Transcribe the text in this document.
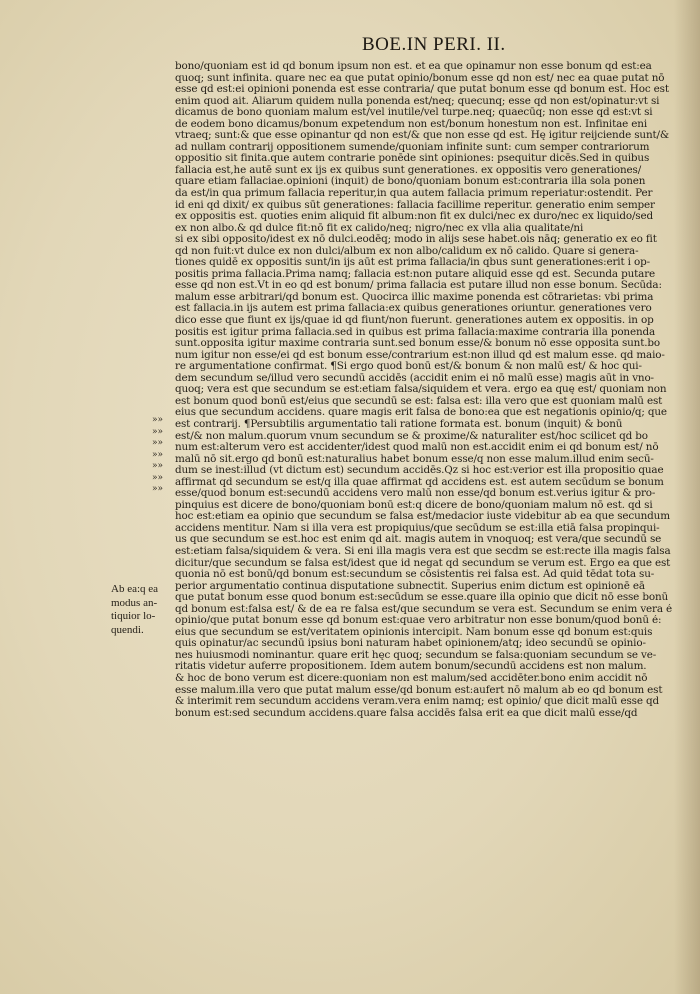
BOE.IN PERI. II.
»»
»»
»»
»»
»»
»»
»»
Ab ea:q ea
modus an-
tiquior lo-
quendi.
bono/quoniam est id qd bonum ipsum non est. et ea que opinamur non esse bonum qd est:ea
quoq; sunt infinita. quare nec ea que putat opinio/bonum esse qd non est/ nec ea quae putat nō
esse qd est:ei opinioni ponenda est esse contraria/ que putat bonum esse qd bonum est. Hoc est
enim quod ait. Aliarum quidem nulla ponenda est/neq; quecunq; esse qd non est/opinatur:vt si
dicamus de bono quoniam malum est/vel inutile/vel turpe.neq; quaecūq; non esse qd est:vt si
de eodem bono dicamus/bonum expetendum non est/bonum honestum non est. Infinitae eni
vtraeq; sunt:& que esse opinantur qd non est/& que non esse qd est. Hę igitur reijciende sunt/&
ad nullam contrarij oppositionem sumende/quoniam infinite sunt: cum semper contrariorum
oppositio sit finita.que autem contrarie ponēde sint opiniones: psequitur dicēs.Sed in quibus
fallacia est,he autē sunt ex ijs ex quibus sunt generationes. ex oppositis vero generationes/
quare etiam fallaciae.opinioni (inquit) de bono/quoniam bonum est:contraria illa sola ponen
da est/in qua primum fallacia reperitur,in qua autem fallacia primum reperiatur:ostendit. Per
id eni qd dixit/ ex quibus sūt generationes: fallacia facillime reperitur. generatio enim semper
ex oppositis est. quoties enim aliquid fit album:non fit ex dulci/nec ex duro/nec ex liquido/sed
ex non albo.& qd dulce fit:nō fit ex calido/neq; nigro/nec ex vlla alia qualitate/ni
si ex sibi opposito/idest ex nō dulci.eodēq; modo in alijs sese habet.ois nāq; generatio ex eo fit
qd non fuit:vt dulce ex non dulci/album ex non albo/calidum ex nō calido. Quare si genera-
tiones quidē ex oppositis sunt/in ijs aūt est prima fallacia/in qbus sunt generationes:erit i op-
positis prima fallacia.Prima namq; fallacia est:non putare aliquid esse qd est. Secunda putare
esse qd non est.Vt in eo qd est bonum/ prima fallacia est putare illud non esse bonum. Secūda:
malum esse arbitrari/qd bonum est. Quocirca illic maxime ponenda est cōtrarietas: vbi prima
est fallacia.in ijs autem est prima fallacia:ex quibus generationes oriuntur. generationes vero
dico esse que fiunt ex ijs/quae id qd fiunt/non fuerunt. generationes autem ex oppositis. in op
positis est igitur prima fallacia.sed in quibus est prima fallacia:maxime contraria illa ponenda
sunt.opposita igitur maxime contraria sunt.sed bonum esse/& bonum nō esse opposita sunt.bo
num igitur non esse/ei qd est bonum esse/contrarium est:non illud qd est malum esse. qd maio-
re argumentatione confirmat. ¶Si ergo quod bonū est/& bonum & non malū est/ & hoc qui-
dem secundum se/illud vero secundū accidēs (accidit enim ei nō malū esse) magis aūt in vno-
quoq; vera est que secundum se est:etiam falsa/siquidem et vera. ergo ea quę est/ quoniam non
est bonum quod bonū est/eius que secundū se est: falsa est: illa vero que est quoniam malū est
eius que secundum accidens. quare magis erit falsa de bono:ea que est negationis opinio/q; que
est contrarij. ¶Persubtilis argumentatio tali ratione formata est. bonum (inquit) & bonū
est/& non malum.quorum vnum secundum se & proxime/& naturaliter est/hoc scilicet qd bo
num est:alterum vero est accidenter/idest quod malū non est.accidit enim ei qd bonum est/ nō
malū nō sit.ergo qd bonū est:naturalius habet bonum esse/q non esse malum.illud enim secū-
dum se inest:illud (vt dictum est) secundum accidēs.Qz si hoc est:verior est illa propositio quae
affirmat qd secundum se est/q illa quae affirmat qd accidens est. est autem secūdum se bonum
esse/quod bonum est:secundū accidens vero malū non esse/qd bonum est.verius igitur & pro-
pinquius est dicere de bono/quoniam bonū est:q dicere de bono/quoniam malum nō est. qd si
hoc est:etiam ea opinio que secundum se falsa est/medacior iuste videbitur ab ea que secundum
accidens mentitur. Nam si illa vera est propiquius/que secūdum se est:illa etiā falsa propinqui-
us que secundum se est.hoc est enim qd ait. magis autem in vnoquoq; est vera/que secundū se
est:etiam falsa/siquidem & vera. Si eni illa magis vera est que secdm se est:recte illa magis falsa
dicitur/que secundum se falsa est/idest que id negat qd secundum se verum est. Ergo ea que est
quonia nō est bonū/qd bonum est:secundum se cōsistentis rei falsa est. Ad quid tēdat tota su-
perior argumentatio continua disputatione subnectit. Superius enim dictum est opinionē eā
que putat bonum esse quod bonum est:secūdum se esse.quare illa opinio que dicit nō esse bonū
qd bonum est:falsa est/ & de ea re falsa est/que secundum se vera est. Secundum se enim vera é
opinio/que putat bonum esse qd bonum est:quae vero arbitratur non esse bonum/quod bonū é:
eius que secundum se est/veritatem opinionis intercipit. Nam bonum esse qd bonum est:quis
quis opinatur/ac secundū ipsius boni naturam habet opinionem/atq; ideo secundū se opinio-
nes huiusmodi nominantur. quare erit hęc quoq; secundum se falsa:quoniam secundum se ve-
ritatis videtur auferre propositionem. Idem autem bonum/secundū accidens est non malum.
& hoc de bono verum est dicere:quoniam non est malum/sed accidēter.bono enim accidit nō
esse malum.illa vero que putat malum esse/qd bonum est:aufert nō malum ab eo qd bonum est
& interimit rem secundum accidens veram.vera enim namq; est opinio/ que dicit malū esse qd
bonum est:sed secundum accidens.quare falsa accidēs falsa erit ea que dicit malū esse/qd
